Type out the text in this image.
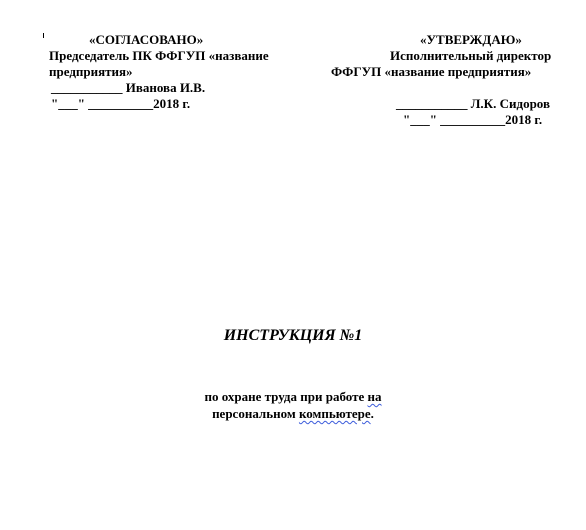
«СОГЛАСОВАНО»
Председатель ПК ФФГУП «название
предприятия»
___________ Иванова И.В.
"___" __________2018 г.
«УТВЕРЖДАЮ»
Исполнительный директор
ФФГУП «название предприятия»
___________ Л.К. Сидоров
"___" __________2018 г.
ИНСТРУКЦИЯ №1
по охране труда при работе на
персональном компьютере.
